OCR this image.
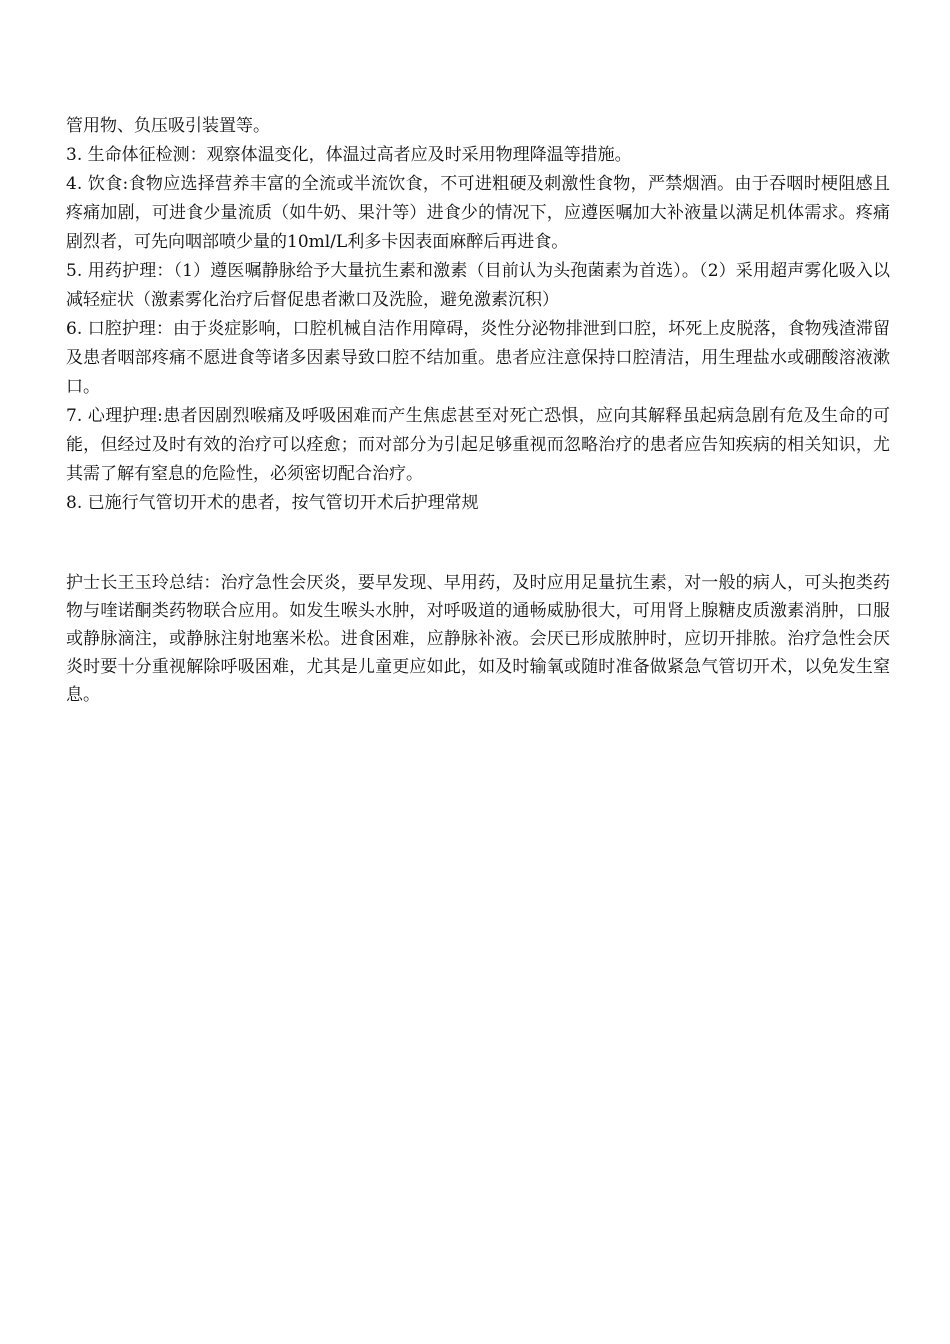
管用物、负压吸引装置等。

3. 生命体征检测：观察体温变化，体温过高者应及时采用物理降温等措施。

4. 饮食:食物应选择营养丰富的全流或半流饮食，不可进粗硬及刺激性食物，严禁烟酒。由于吞咽时梗阻感且疼痛加剧，可进食少量流质（如牛奶、果汁等）进食少的情况下，应遵医嘱加大补液量以满足机体需求。疼痛剧烈者，可先向咽部喷少量的10ml/L利多卡因表面麻醉后再进食。

5. 用药护理：（1）遵医嘱静脉给予大量抗生素和激素（目前认为头孢菌素为首选）。（2）采用超声雾化吸入以减轻症状（激素雾化治疗后督促患者漱口及洗脸，避免激素沉积）

6. 口腔护理：由于炎症影响，口腔机械自洁作用障碍，炎性分泌物排泄到口腔，坏死上皮脱落，食物残渣滞留及患者咽部疼痛不愿进食等诸多因素导致口腔不结加重。患者应注意保持口腔清洁，用生理盐水或硼酸溶液漱口。

7. 心理护理:患者因剧烈喉痛及呼吸困难而产生焦虑甚至对死亡恐惧，应向其解释虽起病急剧有危及生命的可能，但经过及时有效的治疗可以痊愈；而对部分为引起足够重视而忽略治疗的患者应告知疾病的相关知识，尤其需了解有窒息的危险性，必须密切配合治疗。

8. 已施行气管切开术的患者，按气管切开术后护理常规

护士长王玉玲总结：治疗急性会厌炎，要早发现、早用药，及时应用足量抗生素，对一般的病人，可头抱类药物与喹诺酮类药物联合应用。如发生喉头水肿，对呼吸道的通畅威胁很大，可用肾上腺糖皮质激素消肿，口服或静脉滴注，或静脉注射地塞米松。进食困难，应静脉补液。会厌已形成脓肿时，应切开排脓。治疗急性会厌炎时要十分重视解除呼吸困难，尤其是儿童更应如此，如及时输氧或随时准备做紧急气管切开术，以免发生窒息。
